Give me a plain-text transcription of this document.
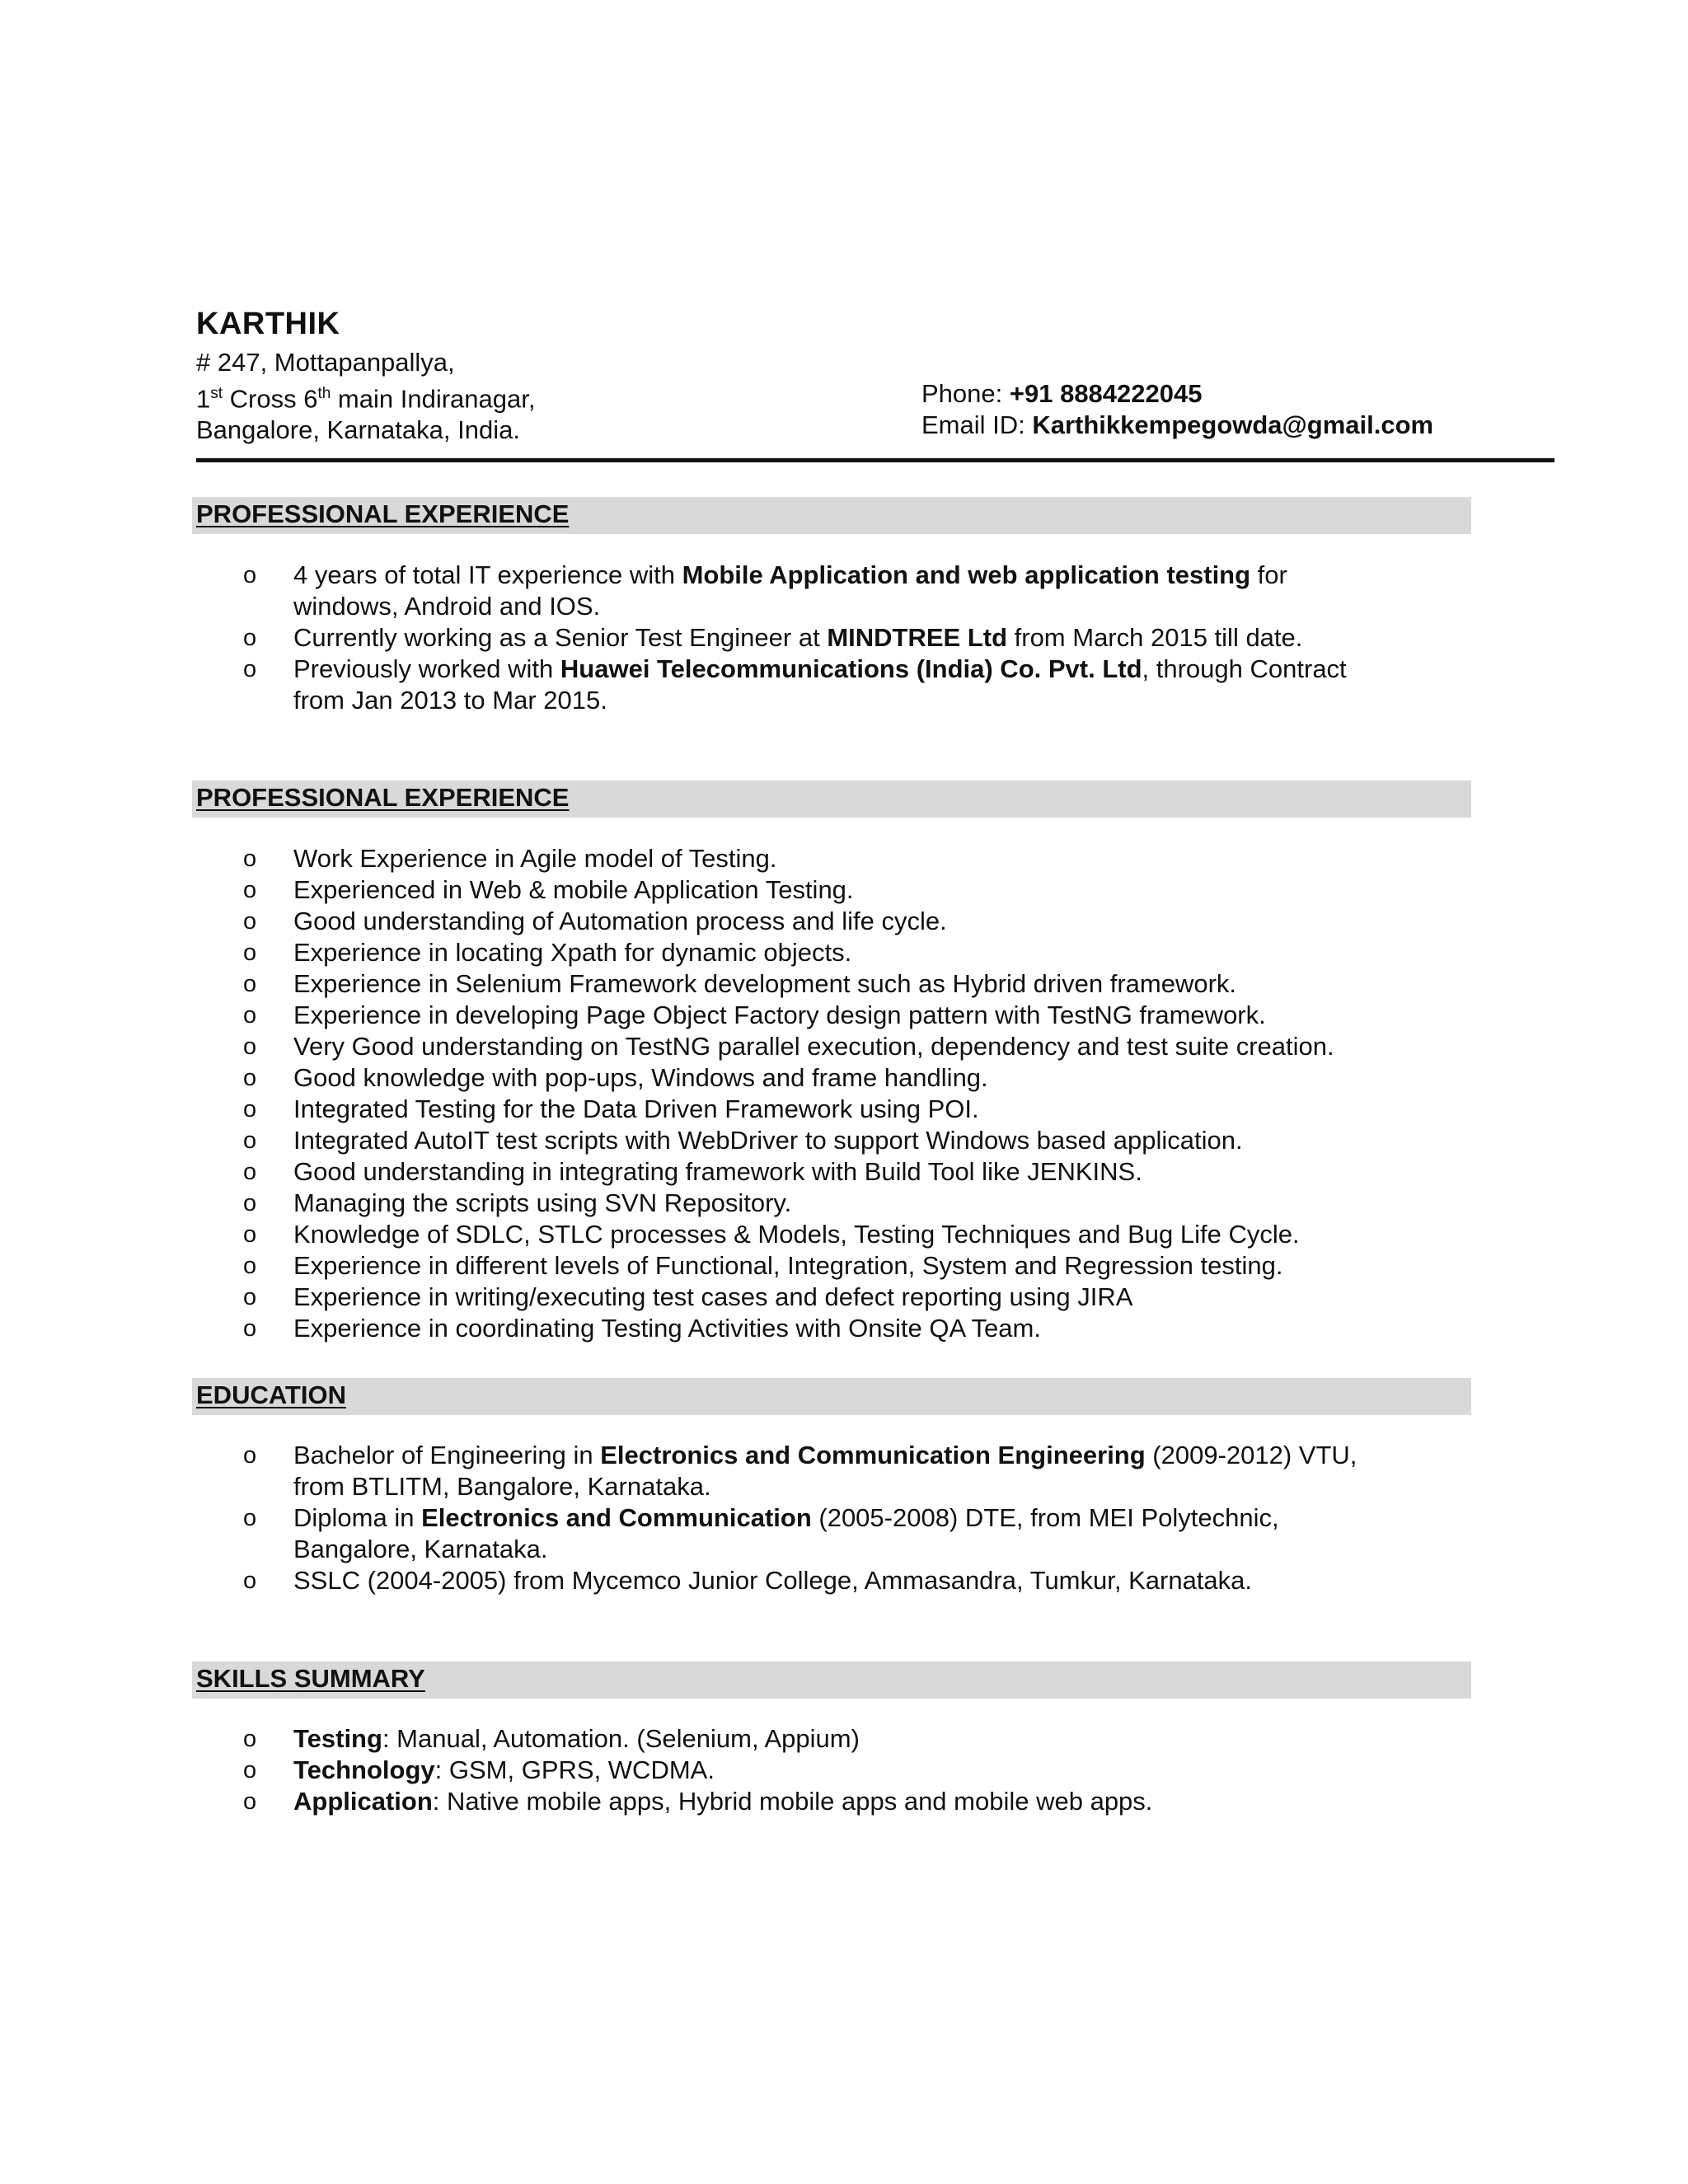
KARTHIK
# 247, Mottapanpallya,
1st Cross 6th main Indiranagar,
Bangalore, Karnataka, India.
Phone: +91 8884222045
Email ID: Karthikkempegowda@gmail.com
PROFESSIONAL EXPERIENCE
o 4 years of total IT experience with Mobile Application and web application testing for
windows, Android and IOS.
o Currently working as a Senior Test Engineer at MINDTREE Ltd from March 2015 till date.
o Previously worked with Huawei Telecommunications (India) Co. Pvt. Ltd, through Contract
from Jan 2013 to Mar 2015.
PROFESSIONAL EXPERIENCE
o Work Experience in Agile model of Testing.
o Experienced in Web & mobile Application Testing.
o Good understanding of Automation process and life cycle.
o Experience in locating Xpath for dynamic objects.
o Experience in Selenium Framework development such as Hybrid driven framework.
o Experience in developing Page Object Factory design pattern with TestNG framework.
o Very Good understanding on TestNG parallel execution, dependency and test suite creation.
o Good knowledge with pop-ups, Windows and frame handling.
o Integrated Testing for the Data Driven Framework using POI.
o Integrated AutoIT test scripts with WebDriver to support Windows based application.
o Good understanding in integrating framework with Build Tool like JENKINS.
o Managing the scripts using SVN Repository.
o Knowledge of SDLC, STLC processes & Models, Testing Techniques and Bug Life Cycle.
o Experience in different levels of Functional, Integration, System and Regression testing.
o Experience in writing/executing test cases and defect reporting using JIRA
o Experience in coordinating Testing Activities with Onsite QA Team.
EDUCATION
o Bachelor of Engineering in Electronics and Communication Engineering (2009-2012) VTU,
from BTLITM, Bangalore, Karnataka.
o Diploma in Electronics and Communication (2005-2008) DTE, from MEI Polytechnic,
Bangalore, Karnataka.
o SSLC (2004-2005) from Mycemco Junior College, Ammasandra, Tumkur, Karnataka.
SKILLS SUMMARY
o Testing: Manual, Automation. (Selenium, Appium)
o Technology: GSM, GPRS, WCDMA.
o Application: Native mobile apps, Hybrid mobile apps and mobile web apps.
